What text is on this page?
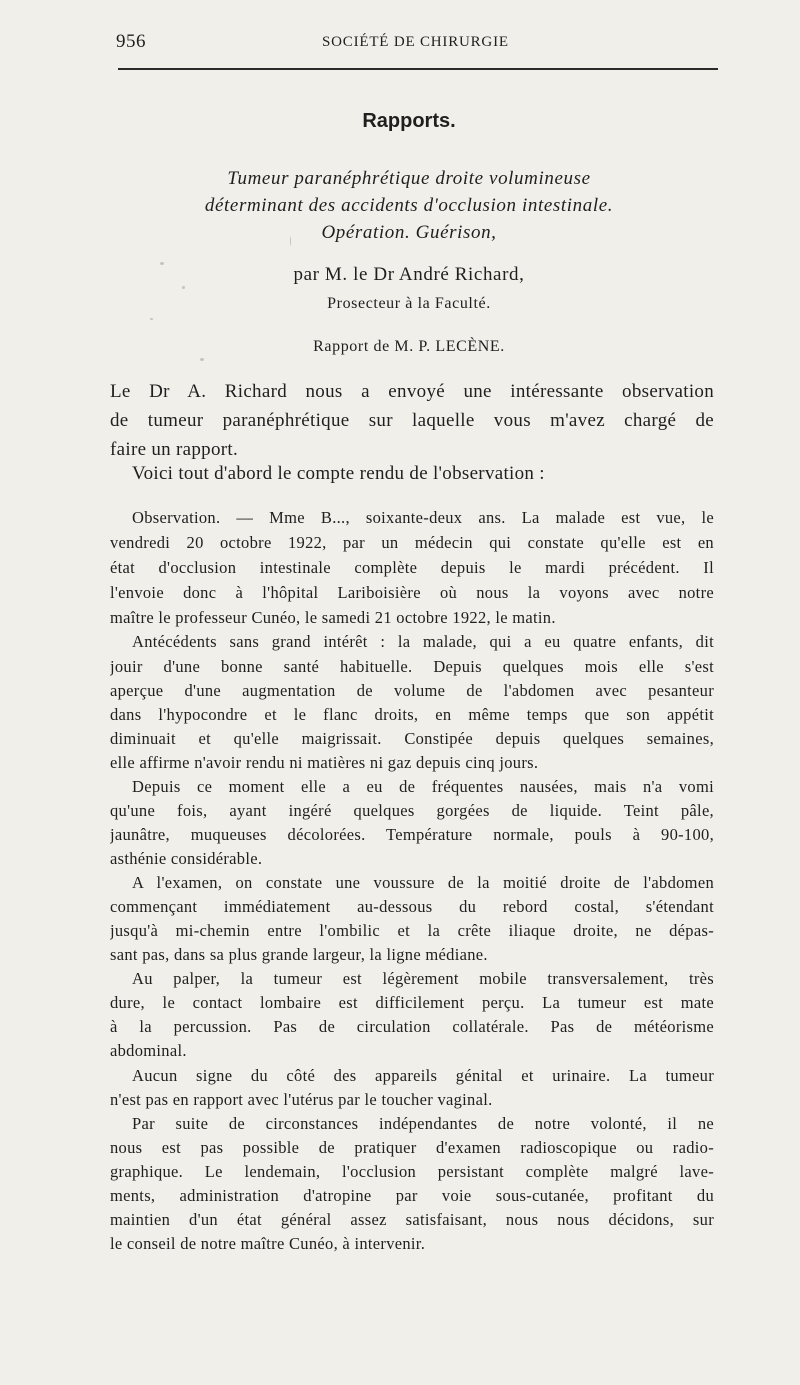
956	SOCIÉTÉ DE CHIRURGIE
Rapports.
Tumeur paranéphrétique droite volumineuse
déterminant des accidents d'occlusion intestinale.
Opération. Guérison,
par M. le Dr André Richard,
Prosecteur à la Faculté.
Rapport de M. P. LECÈNE.
Le Dr A. Richard nous a envoyé une intéressante observation
de tumeur paranéphrétique sur laquelle vous m'avez chargé de
faire un rapport.
Voici tout d'abord le compte rendu de l'observation :
Observation. — Mme B..., soixante-deux ans. La malade est vue, le
vendredi 20 octobre 1922, par un médecin qui constate qu'elle est en
état d'occlusion intestinale complète depuis le mardi précédent. Il
l'envoie donc à l'hôpital Lariboisière où nous la voyons avec notre
maître le professeur Cunéo, le samedi 21 octobre 1922, le matin.
Antécédents sans grand intérêt : la malade, qui a eu quatre enfants, dit
jouir d'une bonne santé habituelle. Depuis quelques mois elle s'est
aperçue d'une augmentation de volume de l'abdomen avec pesanteur
dans l'hypocondre et le flanc droits, en même temps que son appétit
diminuait et qu'elle maigrissait. Constipée depuis quelques semaines,
elle affirme n'avoir rendu ni matières ni gaz depuis cinq jours.
Depuis ce moment elle a eu de fréquentes nausées, mais n'a vomi
qu'une fois, ayant ingéré quelques gorgées de liquide. Teint pâle,
jaunâtre, muqueuses décolorées. Température normale, pouls à 90-100,
asthénie considérable.
A l'examen, on constate une voussure de la moitié droite de l'abdomen
commençant immédiatement au-dessous du rebord costal, s'étendant
jusqu'à mi-chemin entre l'ombilic et la crête iliaque droite, ne dépas-
sant pas, dans sa plus grande largeur, la ligne médiane.
Au palper, la tumeur est légèrement mobile transversalement, très
dure, le contact lombaire est difficilement perçu. La tumeur est mate
à la percussion. Pas de circulation collatérale. Pas de météorisme
abdominal.
Aucun signe du côté des appareils génital et urinaire. La tumeur
n'est pas en rapport avec l'utérus par le toucher vaginal.
Par suite de circonstances indépendantes de notre volonté, il ne
nous est pas possible de pratiquer d'examen radioscopique ou radio-
graphique. Le lendemain, l'occlusion persistant complète malgré lave-
ments, administration d'atropine par voie sous-cutanée, profitant du
maintien d'un état général assez satisfaisant, nous nous décidons, sur
le conseil de notre maître Cunéo, à intervenir.
